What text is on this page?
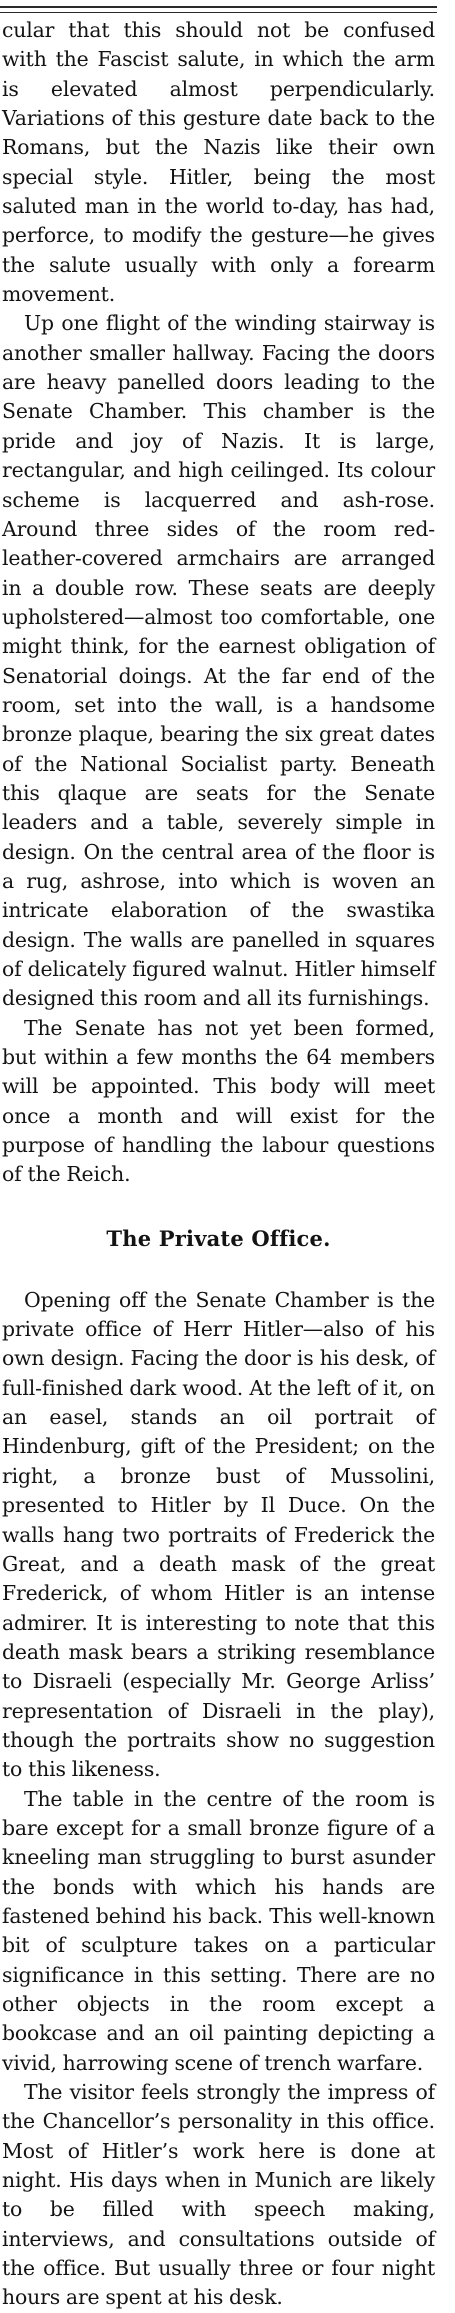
cular that this should not be confused with the Fascist salute, in which the arm is elevated almost perpendicularly. Variations of this gesture date back to the Romans, but the Nazis like their own special style. Hitler, being the most saluted man in the world to-day, has had, perforce, to modify the gesture—he gives the salute usually with only a forearm movement.

Up one flight of the winding stairway is another smaller hallway. Facing the doors are heavy panelled doors leading to the Senate Chamber. This chamber is the pride and joy of Nazis. It is large, rectangular, and high ceilinged. Its colour scheme is lacquerred and ash-rose. Around three sides of the room red-leather-covered armchairs are arranged in a double row. These seats are deeply upholstered—almost too comfortable, one might think, for the earnest obligation of Senatorial doings. At the far end of the room, set into the wall, is a handsome bronze plaque, bearing the six great dates of the National Socialist party. Beneath this qlaque are seats for the Senate leaders and a table, severely simple in design. On the central area of the floor is a rug, ashrose, into which is woven an intricate elaboration of the swastika design. The walls are panelled in squares of delicately figured walnut. Hitler himself designed this room and all its furnishings.

The Senate has not yet been formed, but within a few months the 64 members will be appointed. This body will meet once a month and will exist for the purpose of handling the labour questions of the Reich.

The Private Office.

Opening off the Senate Chamber is the private office of Herr Hitler—also of his own design. Facing the door is his desk, of full-finished dark wood. At the left of it, on an easel, stands an oil portrait of Hindenburg, gift of the President; on the right, a bronze bust of Mussolini, presented to Hitler by Il Duce. On the walls hang two portraits of Frederick the Great, and a death mask of the great Frederick, of whom Hitler is an intense admirer. It is interesting to note that this death mask bears a striking resemblance to Disraeli (especially Mr. George Arliss’ representation of Disraeli in the play), though the portraits show no suggestion to this likeness.

The table in the centre of the room is bare except for a small bronze figure of a kneeling man struggling to burst asunder the bonds with which his hands are fastened behind his back. This well-known bit of sculpture takes on a particular significance in this setting. There are no other objects in the room except a bookcase and an oil painting depicting a vivid, harrowing scene of trench warfare.

The visitor feels strongly the impress of the Chancellor’s personality in this office. Most of Hitler’s work here is done at night. His days when in Munich are likely to be filled with speech making, interviews, and consultations outside of the office. But usually three or four night hours are spent at his desk.
